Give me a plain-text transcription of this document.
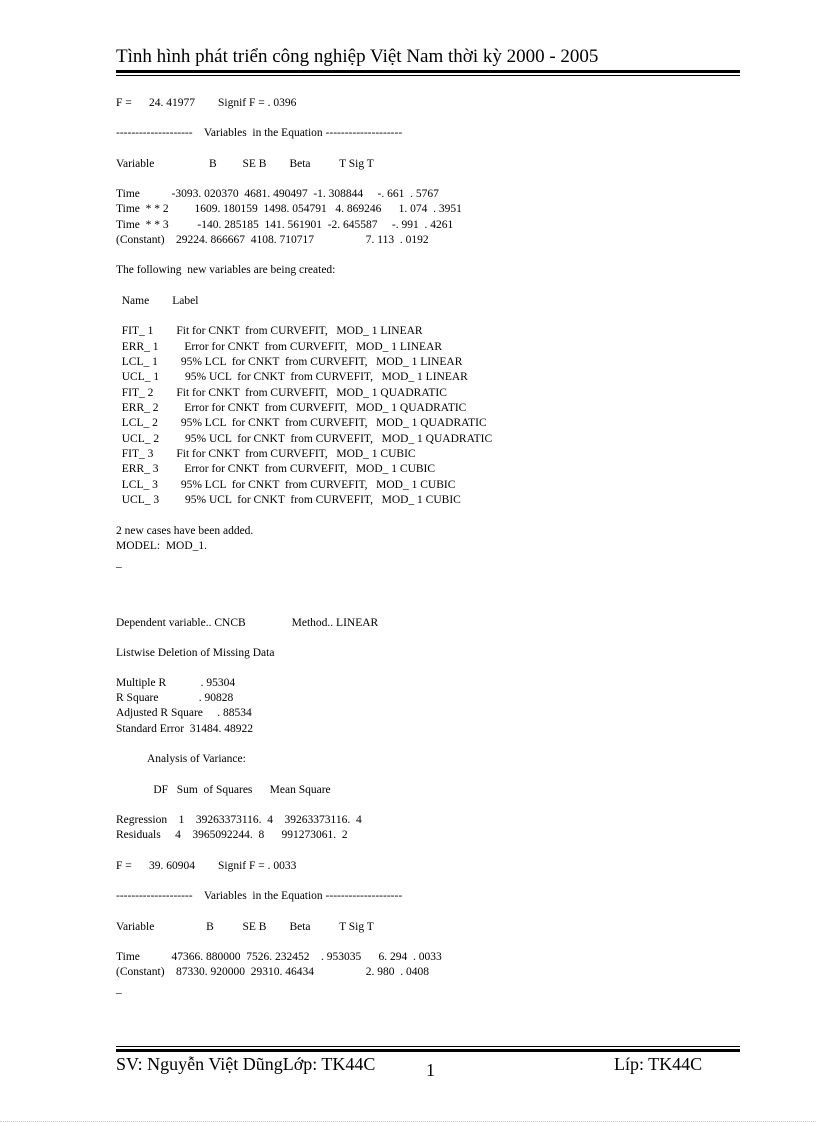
Tình hình phát triển công nghiệp Việt Nam thời kỳ 2000 - 2005
F =      24. 41977        Signif F = . 0396
--------------------    Variables  in the Equation --------------------
Variable                   B         SE B        Beta          T Sig T
Time           -3093. 020370  4681. 490497  -1. 308844     -. 661  . 5767
Time  * * 2         1609. 180159  1498. 054791   4. 869246      1. 074  . 3951
Time  * * 3          -140. 285185  141. 561901  -2. 645587     -. 991  . 4261
(Constant)    29224. 866667  4108. 710717                  7. 113  . 0192
The following  new variables are being created:
Name        Label
FIT_ 1        Fit for CNKT  from CURVEFIT,   MOD_ 1 LINEAR
ERR_ 1         Error for CNKT  from CURVEFIT,   MOD_ 1 LINEAR
LCL_ 1        95% LCL  for CNKT  from CURVEFIT,   MOD_ 1 LINEAR
UCL_ 1         95% UCL  for CNKT  from CURVEFIT,   MOD_ 1 LINEAR
FIT_ 2        Fit for CNKT  from CURVEFIT,   MOD_ 1 QUADRATIC
ERR_ 2         Error for CNKT  from CURVEFIT,   MOD_ 1 QUADRATIC
LCL_ 2        95% LCL  for CNKT  from CURVEFIT,   MOD_ 1 QUADRATIC
UCL_ 2         95% UCL  for CNKT  from CURVEFIT,   MOD_ 1 QUADRATIC
FIT_ 3        Fit for CNKT  from CURVEFIT,   MOD_ 1 CUBIC
ERR_ 3         Error for CNKT  from CURVEFIT,   MOD_ 1 CUBIC
LCL_ 3        95% LCL  for CNKT  from CURVEFIT,   MOD_ 1 CUBIC
UCL_ 3         95% UCL  for CNKT  from CURVEFIT,   MOD_ 1 CUBIC
2 new cases have been added.
MODEL:  MOD_1.
_
Dependent variable.. CNCB                Method.. LINEAR
Listwise Deletion of Missing Data
Multiple R            . 95304
R Square              . 90828
Adjusted R Square     . 88534
Standard Error  31484. 48922
Analysis of Variance:
DF   Sum  of Squares      Mean Square
Regression    1    39263373116.  4    39263373116.  4
Residuals     4    3965092244.  8      991273061.  2
F =      39. 60904        Signif F = . 0033
--------------------    Variables  in the Equation --------------------
Variable                  B          SE B        Beta          T Sig T
Time           47366. 880000  7526. 232452    . 953035      6. 294  . 0033
(Constant)    87330. 920000  29310. 46434                  2. 980  . 0408
_
SV: Nguyễn Việt DũngLớp: TK44C	1	Líp: TK44C
